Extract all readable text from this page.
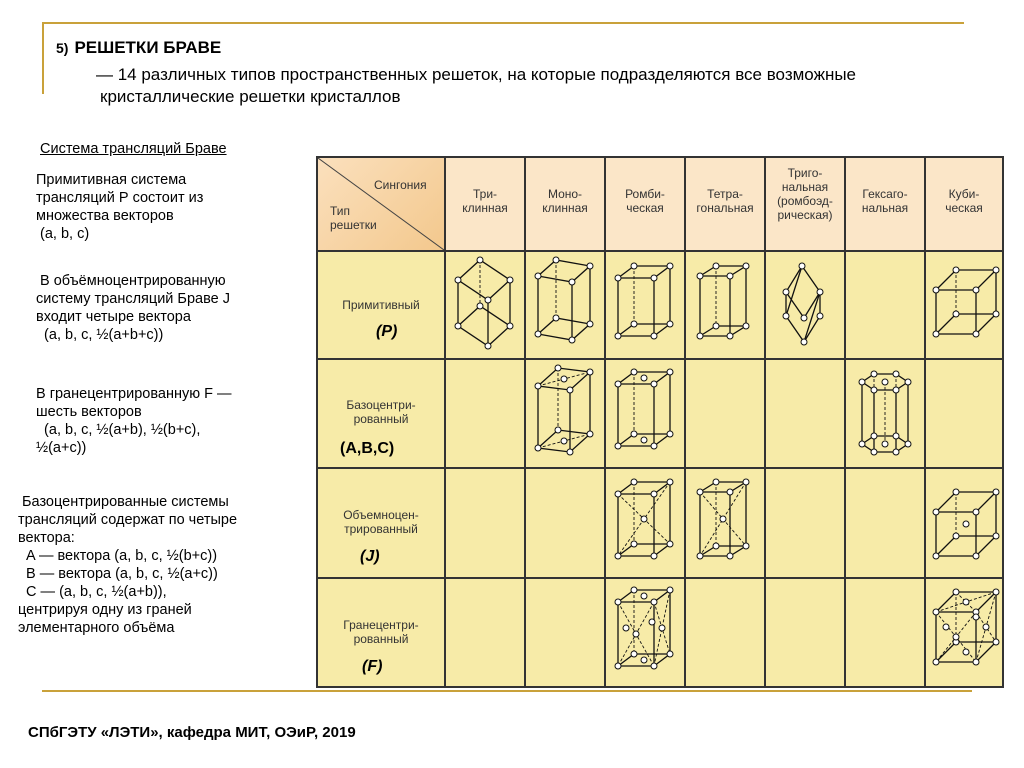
5) РЕШЕТКИ БРАВЕ
— 14 различных типов пространственных решеток, на которые подразделяются все возможные
кристаллические решетки кристаллов
Система трансляций Браве
Примитивная система
трансляций Р состоит из
множества векторов
(a, b, c)
В объёмноцентрированную
систему трансляций Браве J
входит четыре вектора
(a, b, c, ½(a+b+c))
В гранецентрированную F —
шесть векторов
(a, b, c, ½(a+b), ½(b+c),
½(a+c))
Базоцентрированные системы
трансляций содержат по четыре
вектора:
A — вектора (a, b, c, ½(b+c))
B — вектора (a, b, c, ½(a+c))
C — (a, b, c, ½(a+b)),
центрируя одну из граней
элементарного объёма
Сингония
Тип
решетки
Три-
клинная
Моно-
клинная
Ромби-
ческая
Тетра-
гональная
Триго-
нальная
(ромбоэд-
рическая)
Гексаго-
нальная
Куби-
ческая
Примитивный
(P)
Базоцентри-
рованный
(A,B,C)
Объемноцен-
трированный
(J)
Гранецентри-
рованный
(F)
СПбГЭТУ «ЛЭТИ», кафедра МИТ, ОЭиР, 2019
